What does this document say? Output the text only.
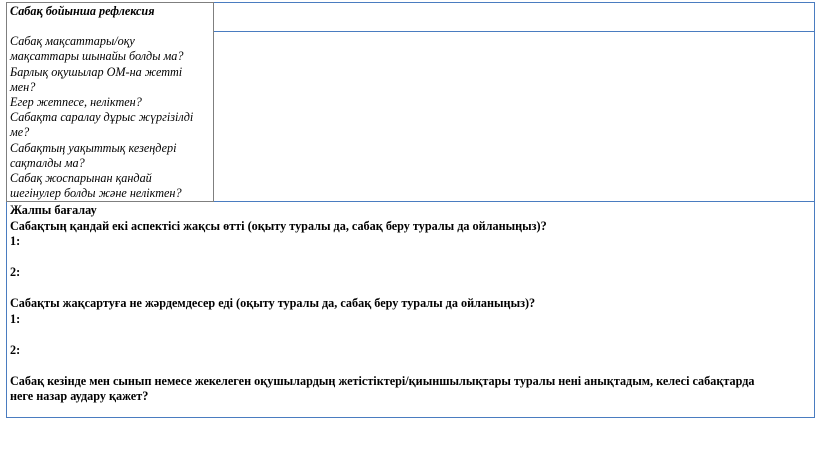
Сабақ бойынша рефлексия
Сабақ мақсаттары/оқу
мақсаттары шынайы болды ма?
Барлық оқушылар ОМ-на жетті
мен?
Егер жетпесе, неліктен?
Сабақта саралау дұрыс жүргізілді
ме?
Сабақтың уақыттық кезеңдері
сақталды ма?
Сабақ жоспарынан қандай
шегінулер болды және неліктен?

Жалпы бағалау
Сабақтың қандай екі аспектісі жақсы өтті (оқыту туралы да, сабақ беру туралы да ойланыңыз)?
1:
2:
Сабақты жақсартуға не жәрдемдесер еді (оқыту туралы да, сабақ беру туралы да ойланыңыз)?
1:
2:
Сабақ кезінде мен сынып немесе жекелеген оқушылардың жетістіктері/қиыншылықтары туралы нені анықтадым, келесі сабақтарда
неге назар аудару қажет?
